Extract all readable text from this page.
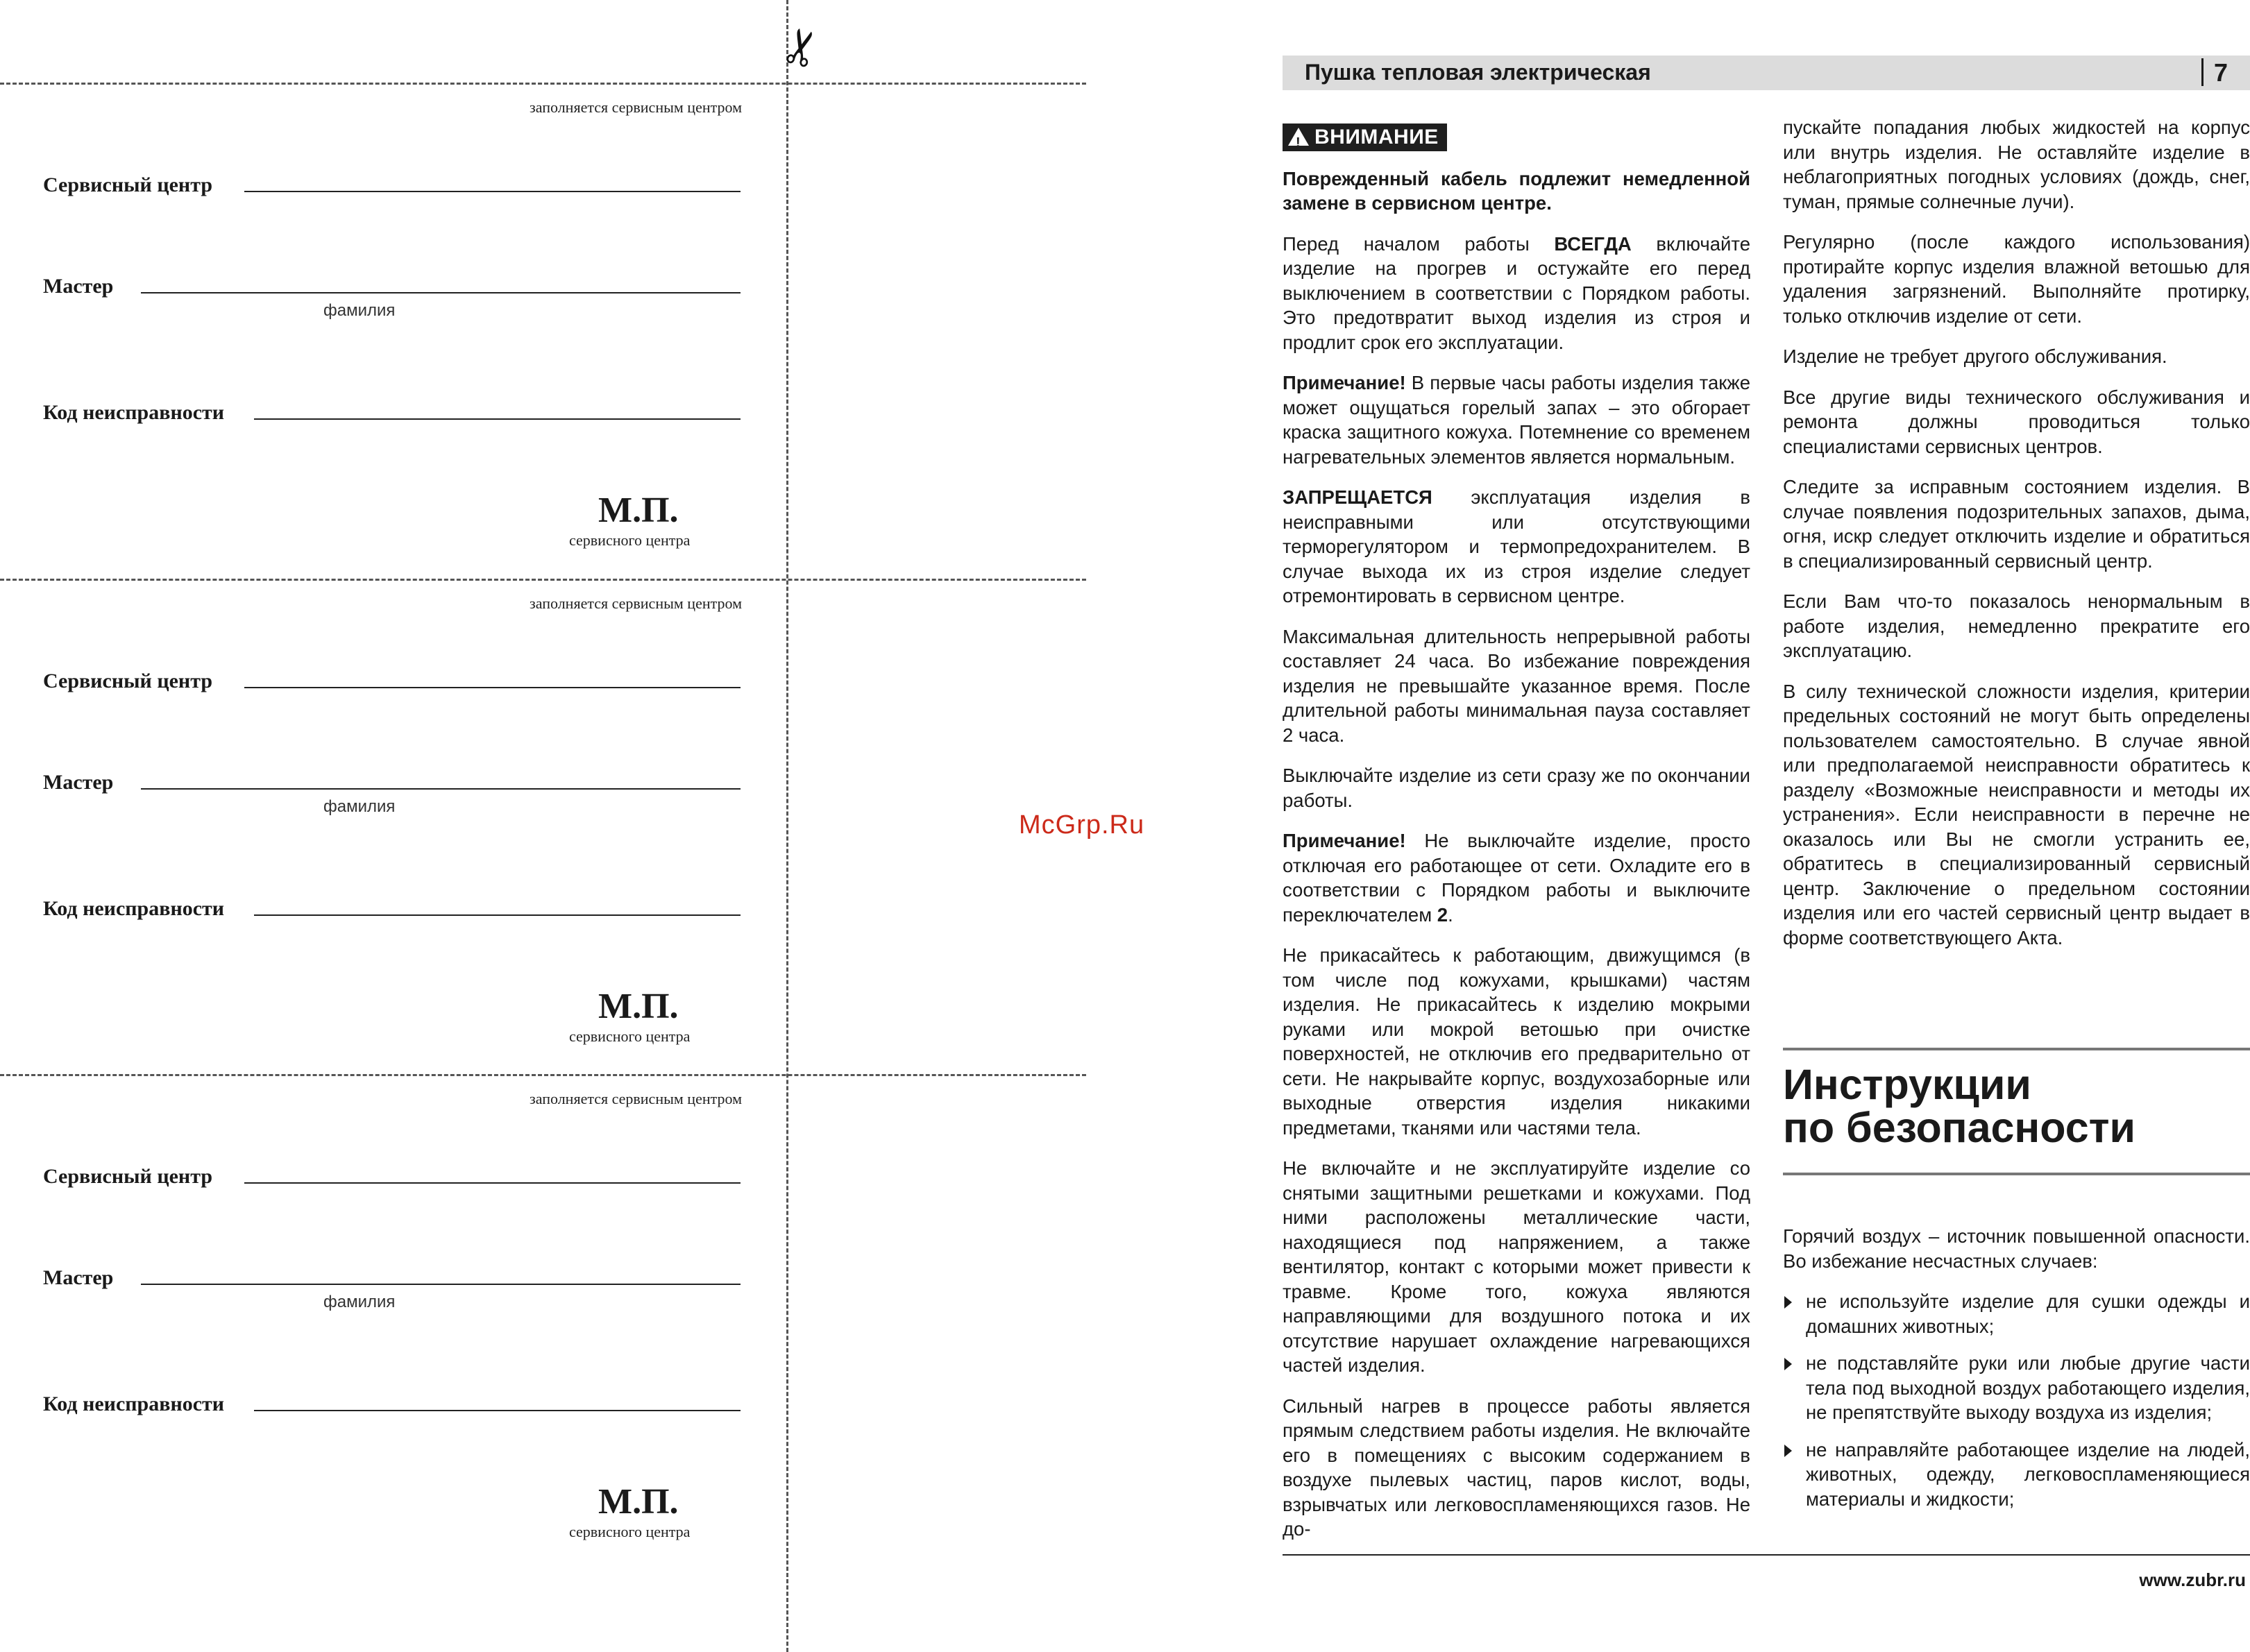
✂
заполняется сервисным центром
Сервисный центр
Мастер
фамилия
Код неисправности
М.П.
сервисного центра
заполняется сервисным центром
Сервисный центр
Мастер
фамилия
Код неисправности
М.П.
сервисного центра
заполняется сервисным центром
Сервисный центр
Мастер
фамилия
Код неисправности
М.П.
сервисного центра
McGrp.Ru
Пушка тепловая электрическая	7
! ВНИМАНИЕ

Поврежденный кабель подлежит немедленной замене в сервисном центре.

Перед началом работы ВСЕГДА включайте изделие на прогрев и остужайте его перед выключением в соответствии с Порядком работы. Это предотвратит выход изделия из строя и продлит срок его эксплуатации.

Примечание! В первые часы работы изделия также может ощущаться горелый запах – это обгорает краска защитного кожуха. Потемнение со временем нагревательных элементов является нормальным.

ЗАПРЕЩАЕТСЯ эксплуатация изделия в неисправными или отсутствующими терморегулятором и термопредохранителем. В случае выхода их из строя изделие следует отремонтировать в сервисном центре.

Максимальная длительность непрерывной работы составляет 24 часа. Во избежание повреждения изделия не превышайте указанное время. После длительной работы минимальная пауза составляет 2 часа.

Выключайте изделие из сети сразу же по окончании работы.

Примечание! Не выключайте изделие, просто отключая его работающее от сети. Охладите его в соответствии с Порядком работы и выключите переключателем 2.

Не прикасайтесь к работающим, движущимся (в том числе под кожухами, крышками) частям изделия. Не прикасайтесь к изделию мокрыми руками или мокрой ветошью при очистке поверхностей, не отключив его предварительно от сети. Не накрывайте корпус, воздухозаборные или выходные отверстия изделия никакими предметами, тканями или частями тела.

Не включайте и не эксплуатируйте изделие со снятыми защитными решетками и кожухами. Под ними расположены металлические части, находящиеся под напряжением, а также вентилятор, контакт с которыми может привести к травме. Кроме того, кожуха являются направляющими для воздушного потока и их отсутствие нарушает охлаждение нагревающихся частей изделия.

Сильный нагрев в процессе работы является прямым следствием работы изделия. Не включайте его в помещениях с высоким содержанием в воздухе пылевых частиц, паров кислот, воды, взрывчатых или легковоспламеняющихся газов. Не до-

пускайте попадания любых жидкостей на корпус или внутрь изделия. Не оставляйте изделие в неблагоприятных погодных условиях (дождь, снег, туман, прямые солнечные лучи).

Регулярно (после каждого использования) протирайте корпус изделия влажной ветошью для удаления загрязнений. Выполняйте протирку, только отключив изделие от сети.

Изделие не требует другого обслуживания.

Все другие виды технического обслуживания и ремонта должны проводиться только специалистами сервисных центров.

Следите за исправным состоянием изделия. В случае появления подозрительных запахов, дыма, огня, искр следует отключить изделие и обратиться в специализированный сервисный центр.

Если Вам что-то показалось ненормальным в работе изделия, немедленно прекратите его эксплуатацию.

В силу технической сложности изделия, критерии предельных состояний не могут быть определены пользователем самостоятельно. В случае явной или предполагаемой неисправности обратитесь к разделу «Возможные неисправности и методы их устранения». Если неисправности в перечне не оказалось или Вы не смогли устранить ее, обратитесь в специализированный сервисный центр. Заключение о предельном состоянии изделия или его частей сервисный центр выдает в форме соответствующего Акта.

Инструкции
по безопасности

Горячий воздух – источник повышенной опасности. Во избежание несчастных случаев:

не используйте изделие для сушки одежды и домашних животных;
не подставляйте руки или любые другие части тела под выходной воздух работающего изделия, не препятствуйте выходу воздуха из изделия;
не направляйте работающее изделие на людей, животных, одежду, легковоспламеняющиеся материалы и жидкости;
www.zubr.ru
